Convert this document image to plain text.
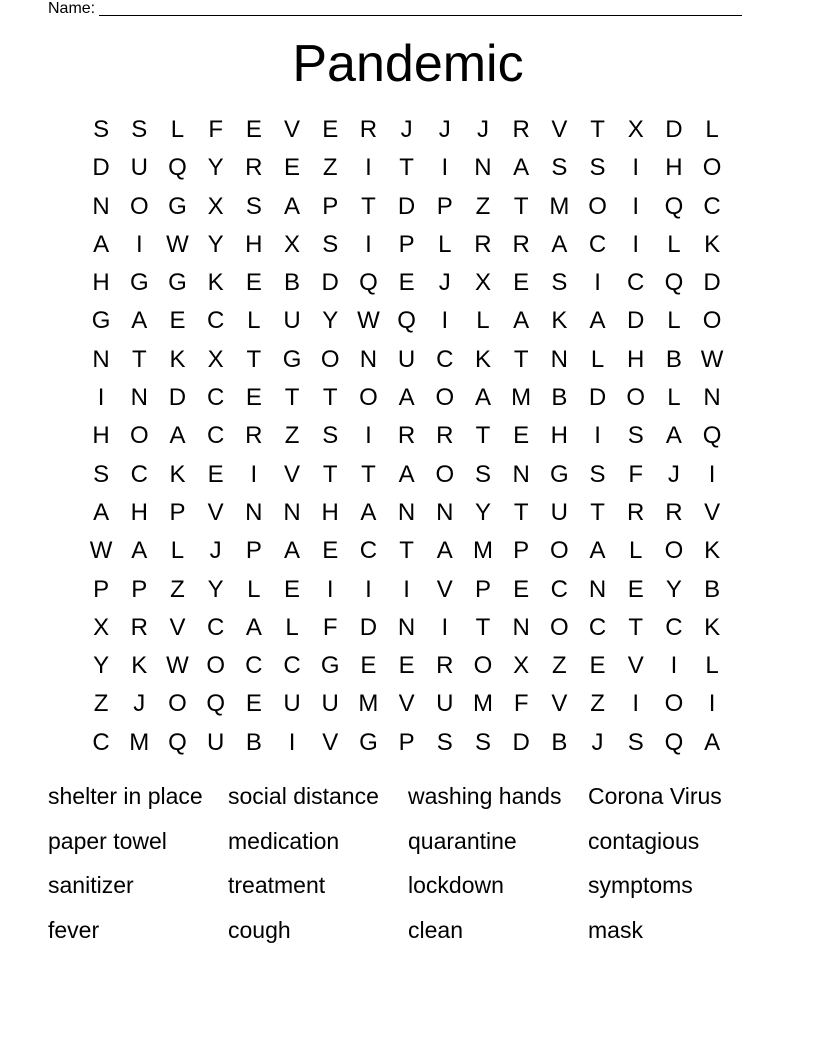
Name:
Pandemic
S S L	F E V E R J	J	J R V T X D L
D U Q Y R E Z	I	T	I	N A S S	I	H O
N O G X S A P T D P Z T M O	I	Q C
A	I W Y H X S	I	P L R R A C	I	L K
H G G K E B D Q E	J	X E S	I	C Q D
G A E C L U Y W Q	I	L A K A D L O
N T K X T G O N U C K T N L H B W
I	N D C E T T O A O A M B D O L N
H O A C R Z S	I	R R T E H	I	S A Q
S C K E	I	V T T A O S N G S F	J	I
A H P V N N H A N N Y T U T R R V
W A L	J	P A E C T A M P O A L O K
P P Z Y L E	I	I	I	V P E C N E Y B
X R V C A L	F D N	I	T N O C T C K
Y K W O C C G E E R O X Z E V	I	L
Z	J O Q E U U M V U M F V Z	I	O	I
C M Q U B	I	V G P S S D B	J	S Q A
shelter in place	social distance	washing hands	Corona Virus
paper towel	medication	quarantine	contagious
sanitizer	treatment	lockdown	symptoms
fever	cough	clean	mask
